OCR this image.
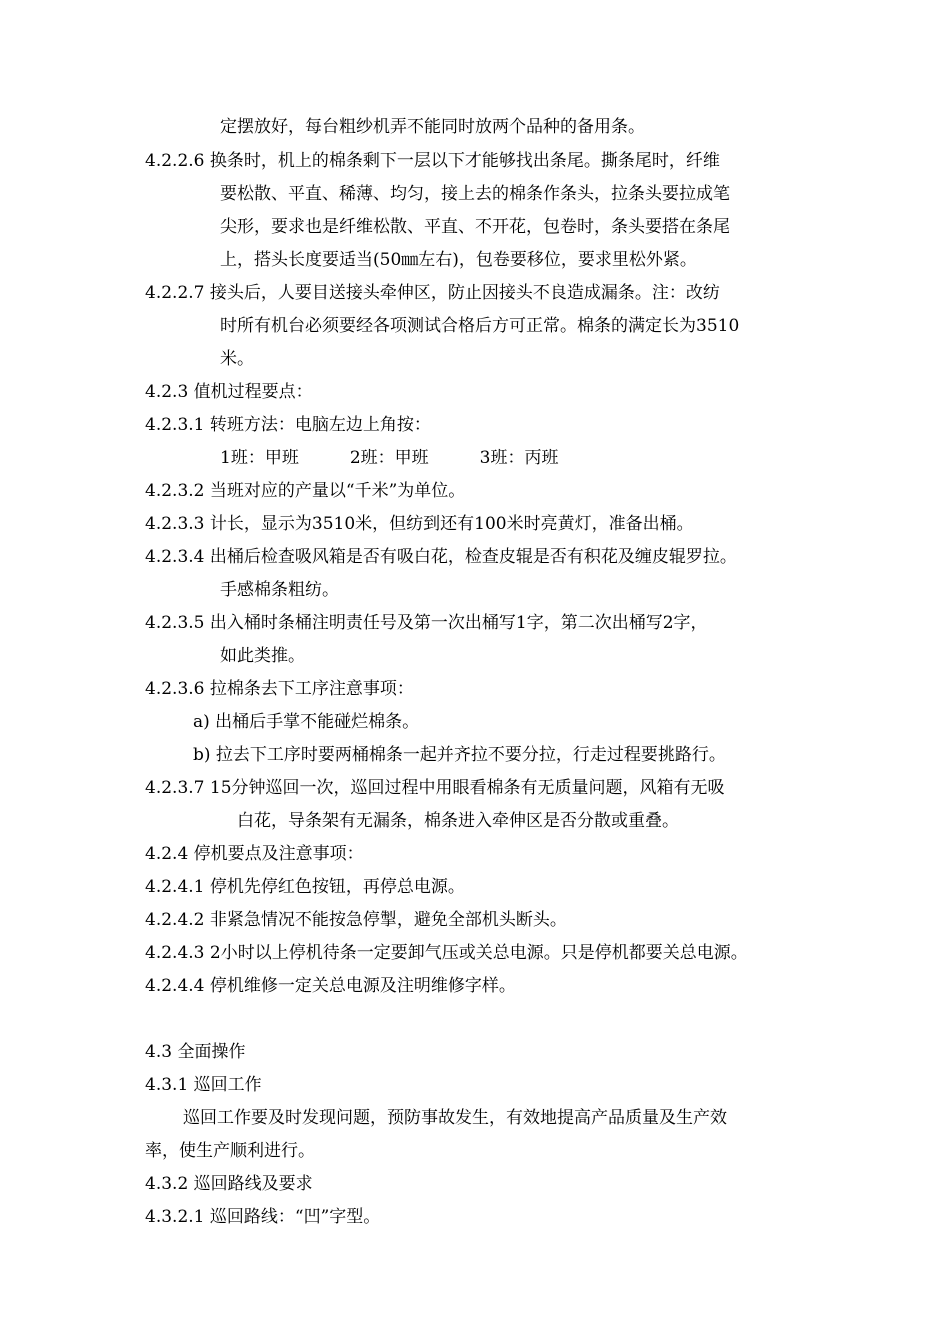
定摆放好，每台粗纱机弄不能同时放两个品种的备用条。
4.2.2.6 换条时，机上的棉条剩下一层以下才能够找出条尾。撕条尾时，纤维
要松散、平直、稀薄、均匀，接上去的棉条作条头，拉条头要拉成笔
尖形，要求也是纤维松散、平直、不开花，包卷时，条头要搭在条尾
上，搭头长度要适当(50㎜左右)，包卷要移位，要求里松外紧。
4.2.2.7 接头后，人要目送接头牵伸区，防止因接头不良造成漏条。注：改纺
时所有机台必须要经各项测试合格后方可正常。棉条的满定长为3510
米。
4.2.3 值机过程要点：
4.2.3.1 转班方法：电脑左边上角按：
1班：甲班　　　2班：甲班　　　3班：丙班
4.2.3.2 当班对应的产量以“千米”为单位。
4.2.3.3 计长，显示为3510米，但纺到还有100米时亮黄灯，准备出桶。
4.2.3.4 出桶后检查吸风箱是否有吸白花，检查皮辊是否有积花及缠皮辊罗拉。
手感棉条粗纺。
4.2.3.5 出入桶时条桶注明责任号及第一次出桶写1字，第二次出桶写2字，
如此类推。
4.2.3.6 拉棉条去下工序注意事项：
a) 出桶后手掌不能碰烂棉条。
b) 拉去下工序时要两桶棉条一起并齐拉不要分拉，行走过程要挑路行。
4.2.3.7 15分钟巡回一次，巡回过程中用眼看棉条有无质量问题，风箱有无吸
白花，导条架有无漏条，棉条进入牵伸区是否分散或重叠。
4.2.4 停机要点及注意事项：
4.2.4.1 停机先停红色按钮，再停总电源。
4.2.4.2 非紧急情况不能按急停掣，避免全部机头断头。
4.2.4.3 2小时以上停机待条一定要卸气压或关总电源。只是停机都要关总电源。
4.2.4.4 停机维修一定关总电源及注明维修字样。
4.3 全面操作
4.3.1 巡回工作
巡回工作要及时发现问题，预防事故发生，有效地提高产品质量及生产效
率，使生产顺利进行。
4.3.2 巡回路线及要求
4.3.2.1 巡回路线：“凹”字型。
